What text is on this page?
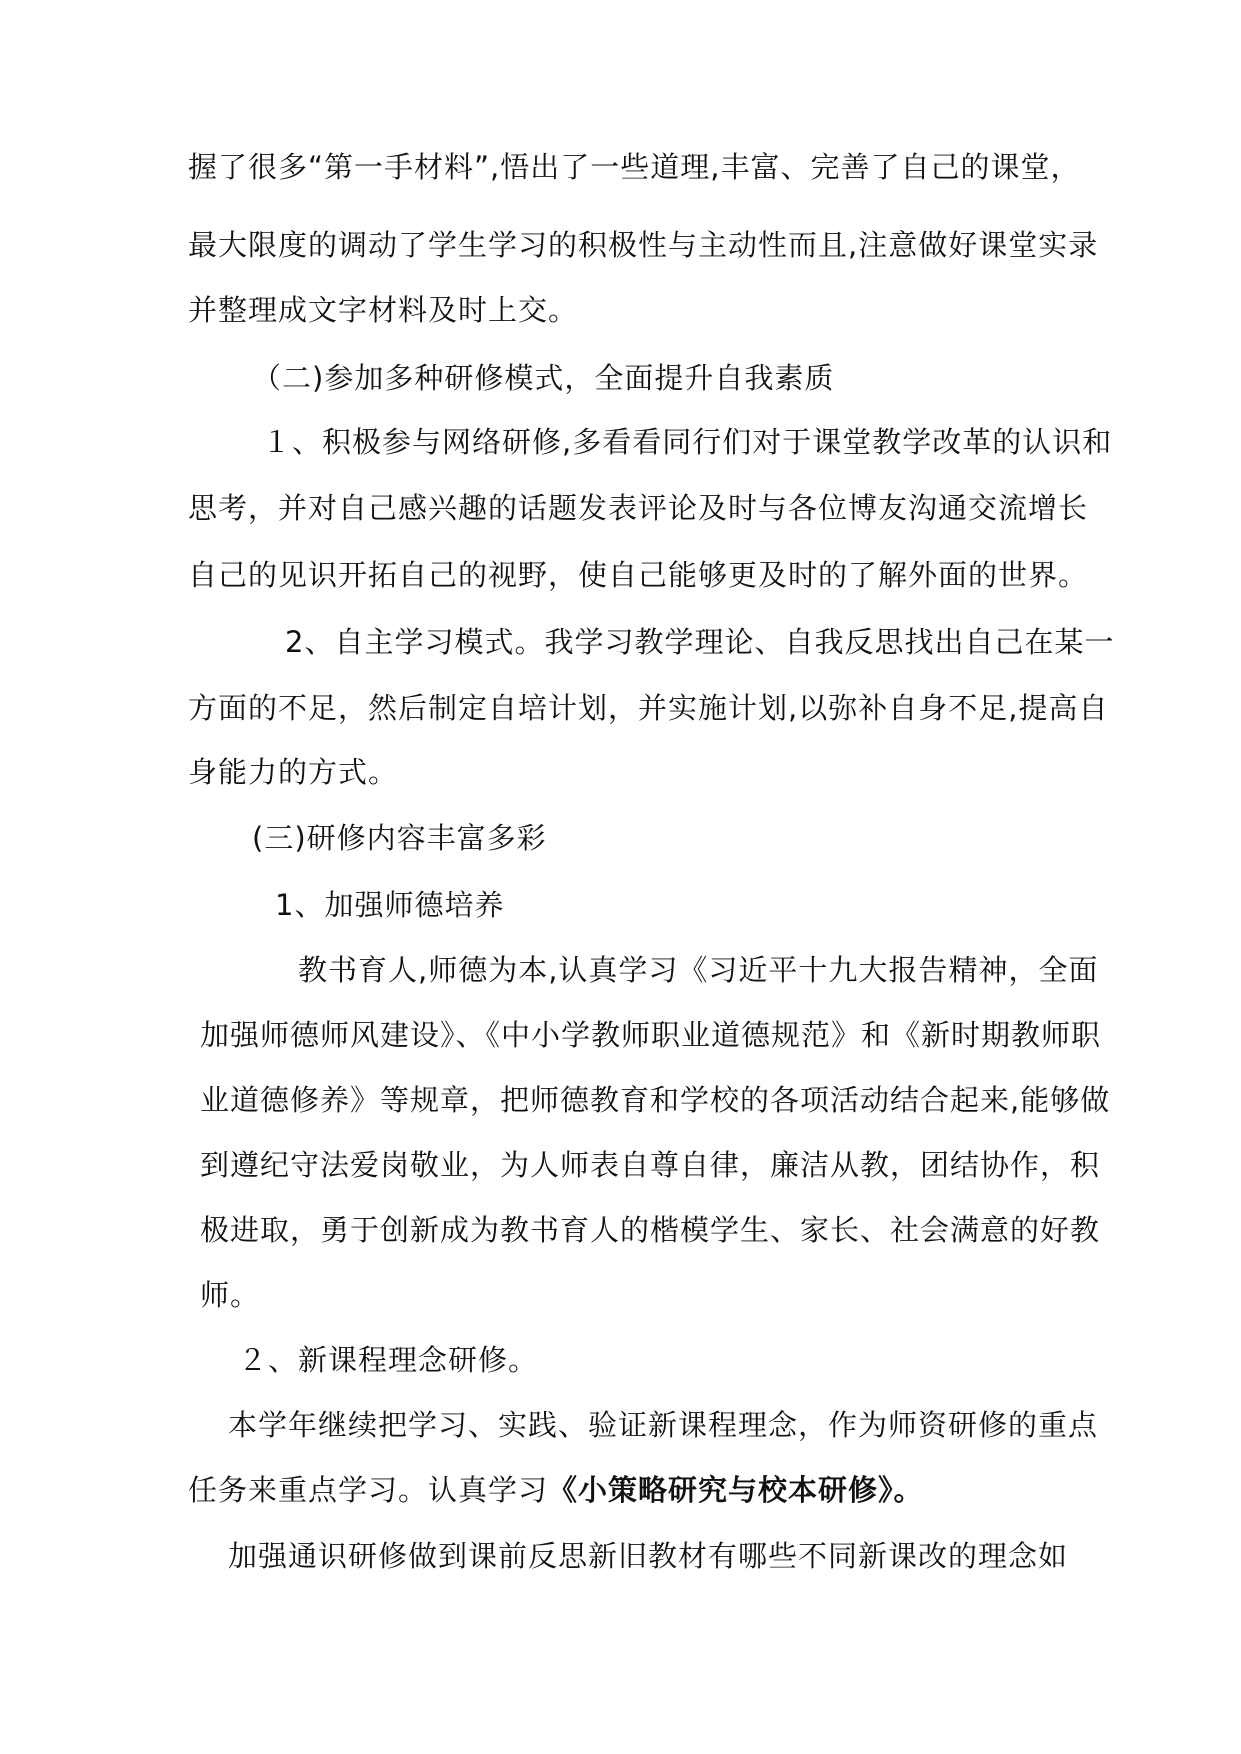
握了很多“第一手材料”,悟出了一些道理,丰富、完善了自己的课堂，
最大限度的调动了学生学习的积极性与主动性而且,注意做好课堂实录
并整理成文字材料及时上交。
（二)参加多种研修模式，全面提升自我素质
１、积极参与网络研修,多看看同行们对于课堂教学改革的认识和
思考，并对自己感兴趣的话题发表评论及时与各位博友沟通交流增长
自己的见识开拓自己的视野，使自己能够更及时的了解外面的世界。
2、自主学习模式。我学习教学理论、自我反思找出自己在某一
方面的不足，然后制定自培计划，并实施计划,以弥补自身不足,提高自
身能力的方式。
(三)研修内容丰富多彩
1、加强师德培养
教书育人,师德为本,认真学习《习近平十九大报告精神，全面
加强师德师风建设》、《中小学教师职业道德规范》和《新时期教师职
业道德修养》等规章，把师德教育和学校的各项活动结合起来,能够做
到遵纪守法爱岗敬业，为人师表自尊自律，廉洁从教，团结协作，积
极进取，勇于创新成为教书育人的楷模学生、家长、社会满意的好教
师。
２、新课程理念研修。
本学年继续把学习、实践、验证新课程理念，作为师资研修的重点
任务来重点学习。认真学习《小策略研究与校本研修》。
加强通识研修做到课前反思新旧教材有哪些不同新课改的理念如
